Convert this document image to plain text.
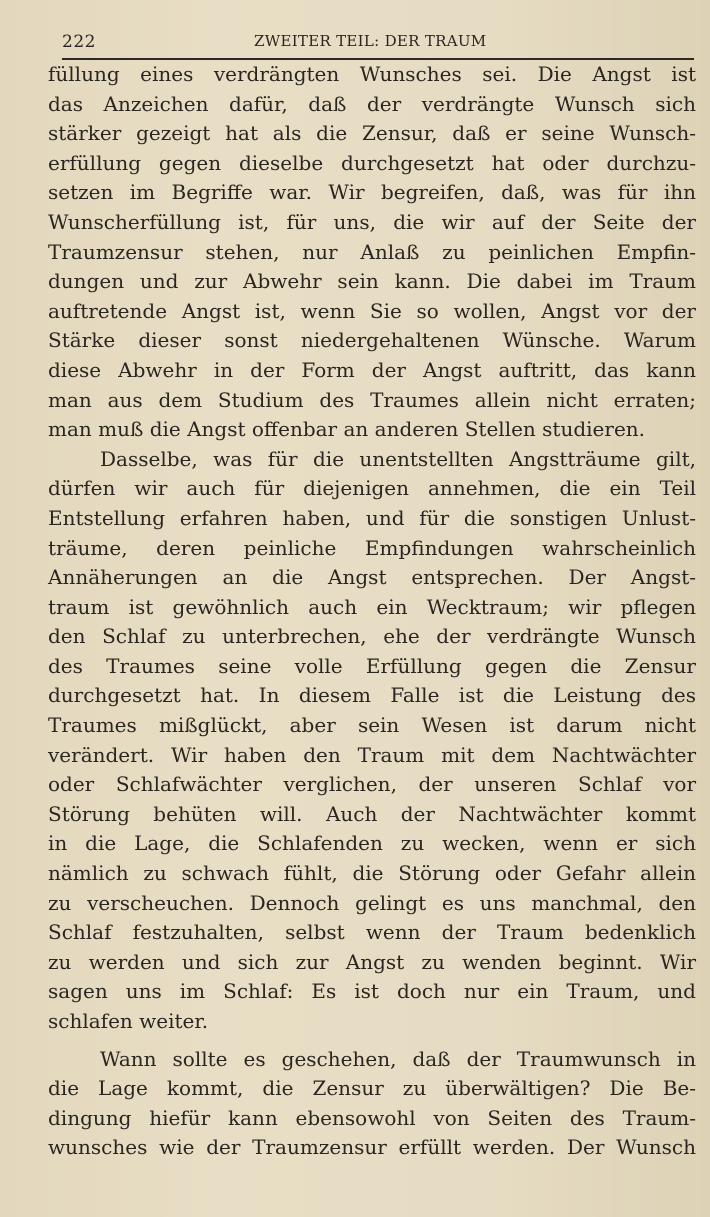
222	ZWEITER TEIL: DER TRAUM
füllung eines verdrängten Wunsches sei. Die Angst ist
das Anzeichen dafür, daß der verdrängte Wunsch sich
stärker gezeigt hat als die Zensur, daß er seine Wunsch-
erfüllung gegen dieselbe durchgesetzt hat oder durchzu-
setzen im Begriffe war. Wir begreifen, daß, was für ihn
Wunscherfüllung ist, für uns, die wir auf der Seite der
Traumzensur stehen, nur Anlaß zu peinlichen Empfin-
dungen und zur Abwehr sein kann. Die dabei im Traum
auftretende Angst ist, wenn Sie so wollen, Angst vor der
Stärke dieser sonst niedergehaltenen Wünsche. Warum
diese Abwehr in der Form der Angst auftritt, das kann
man aus dem Studium des Traumes allein nicht erraten;
man muß die Angst offenbar an anderen Stellen studieren.
Dasselbe, was für die unentstellten Angstträume gilt,
dürfen wir auch für diejenigen annehmen, die ein Teil
Entstellung erfahren haben, und für die sonstigen Unlust-
träume, deren peinliche Empfindungen wahrscheinlich
Annäherungen an die Angst entsprechen. Der Angst-
traum ist gewöhnlich auch ein Wecktraum; wir pflegen
den Schlaf zu unterbrechen, ehe der verdrängte Wunsch
des Traumes seine volle Erfüllung gegen die Zensur
durchgesetzt hat. In diesem Falle ist die Leistung des
Traumes mißglückt, aber sein Wesen ist darum nicht
verändert. Wir haben den Traum mit dem Nachtwächter
oder Schlafwächter verglichen, der unseren Schlaf vor
Störung behüten will. Auch der Nachtwächter kommt
in die Lage, die Schlafenden zu wecken, wenn er sich
nämlich zu schwach fühlt, die Störung oder Gefahr allein
zu verscheuchen. Dennoch gelingt es uns manchmal, den
Schlaf festzuhalten, selbst wenn der Traum bedenklich
zu werden und sich zur Angst zu wenden beginnt. Wir
sagen uns im Schlaf: Es ist doch nur ein Traum, und
schlafen weiter.
Wann sollte es geschehen, daß der Traumwunsch in
die Lage kommt, die Zensur zu überwältigen? Die Be-
dingung hiefür kann ebensowohl von Seiten des Traum-
wunsches wie der Traumzensur erfüllt werden. Der Wunsch
